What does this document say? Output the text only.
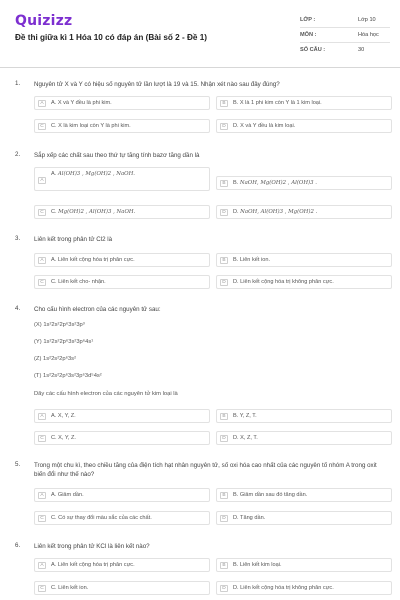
Quizizz
Đề thi giữa kì 1 Hóa 10 có đáp án (Bài số 2 - Đề 1)
LỚP :	Lớp 10
MÔN :	Hóa học
SỐ CÂU :	30
1. Nguyên tử X và Y có hiệu số nguyên tử lần lượt là 19 và 15. Nhận xét nào sau đây đúng?
A	A. X và Y đều là phi kim.	B	B. X là 1 phi kim còn Y là 1 kim loại.
C	C. X là kim loại còn Y là phi kim.	D	D. X và Y đều là kim loại.
2. Sắp xếp các chất sau theo thứ tự tăng tính bazơ tăng dần là
A
A. Al(OH)3 , Mg(OH)2 , NaOH.
B	B. NaOH, Mg(OH)2 , Al(OH)3 .
C	C. Mg(OH)2 , Al(OH)3 , NaOH.	D	D. NaOH, Al(OH)3 , Mg(OH)2 .
3. Liên kết trong phân tử Cl2 là
A	A. Liên kết cộng hóa trị phân cực.	B	B. Liên kết ion.
C	C. Liên kết cho- nhận.	D	D. Liên kết cộng hóa trị không phân cực.
4. Cho cấu hình electron của các nguyên tử sau:
(X) 1s²2s²2p⁶3s²3p³
(Y) 1s²2s²2p⁶3s²3p⁶4s¹
(Z) 1s²2s²2p⁶3s²
(T) 1s²2s²2p⁶3s²3p⁶3d⁵4s²
Dãy các cấu hình electron của các nguyên tử kim loại là
A	A. X, Y, Z.	B	B. Y, Z, T.
C	C. X, Y, Z.	D	D. X, Z, T.
5. Trong một chu kì, theo chiều tăng của điện tích hạt nhân nguyên tử, số oxi hóa cao nhất của các nguyên tố nhóm A trong oxit biến đổi như thế nào?
A	A. Giảm dần.	B	B. Giảm dần sau đó tăng dần.
C	C. Có sự thay đổi màu sắc của các chất.	D	D. Tăng dần.
6. Liên kết trong phân tử KCl là liên kết nào?
A	A. Liên kết cộng hóa trị phân cực.	B	B. Liên kết kim loại.
C	C. Liên kết ion.	D	D. Liên kết cộng hóa trị không phân cực.
